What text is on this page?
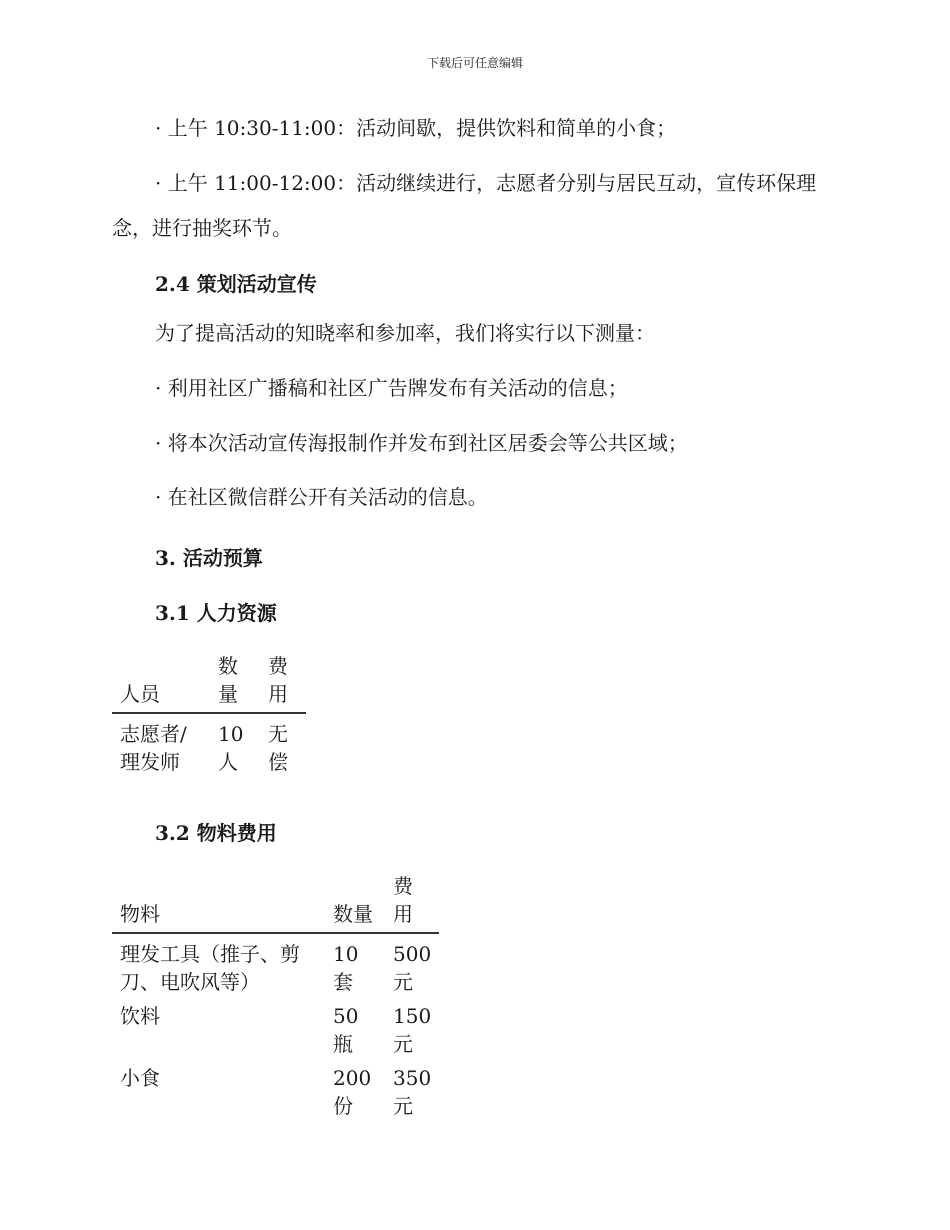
下载后可任意编辑
· 上午 10:30-11:00：活动间歇，提供饮料和简单的小食；
· 上午 11:00-12:00：活动继续进行，志愿者分别与居民互动，宣传环保理
念，进行抽奖环节。
2.4 策划活动宣传
为了提高活动的知晓率和参加率，我们将实行以下测量：
· 利用社区广播稿和社区广告牌发布有关活动的信息；
· 将本次活动宣传海报制作并发布到社区居委会等公共区域；
· 在社区微信群公开有关活动的信息。
3. 活动预算
3.1 人力资源
人员	数量	费用
志愿者/理发师	10人	无偿
3.2 物料费用
物料	数量	费用
理发工具（推子、剪刀、电吹风等）	10套	500元
饮料	50瓶	150元
小食	200份	350元
